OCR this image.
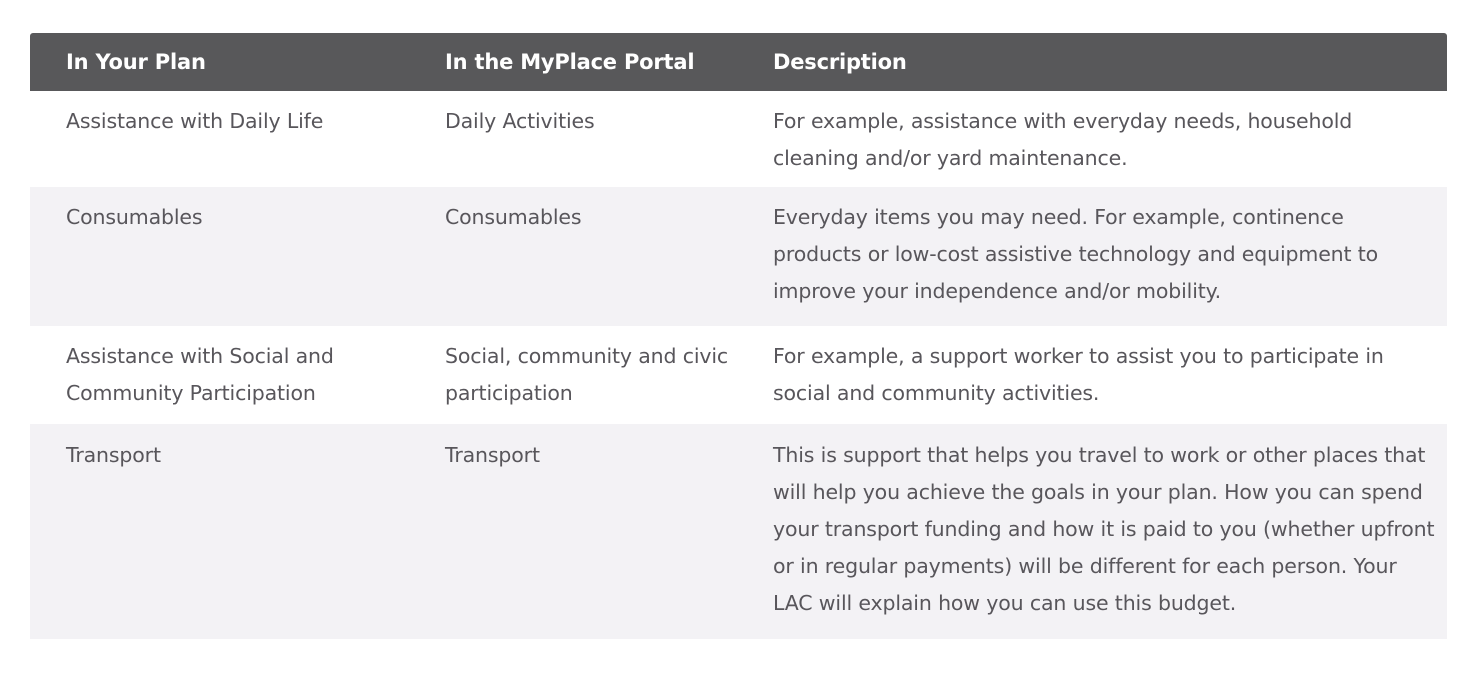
In Your Plan	In the MyPlace Portal	Description
Assistance with Daily Life	Daily Activities	For example, assistance with everyday needs, household cleaning and/or yard maintenance.
Consumables	Consumables	Everyday items you may need. For example, continence products or low-cost assistive technology and equipment to improve your independence and/or mobility.
Assistance with Social and Community Participation	Social, community and civic participation	For example, a support worker to assist you to participate in social and community activities.
Transport	Transport	This is support that helps you travel to work or other places that will help you achieve the goals in your plan. How you can spend your transport funding and how it is paid to you (whether upfront or in regular payments) will be different for each person. Your LAC will explain how you can use this budget.
